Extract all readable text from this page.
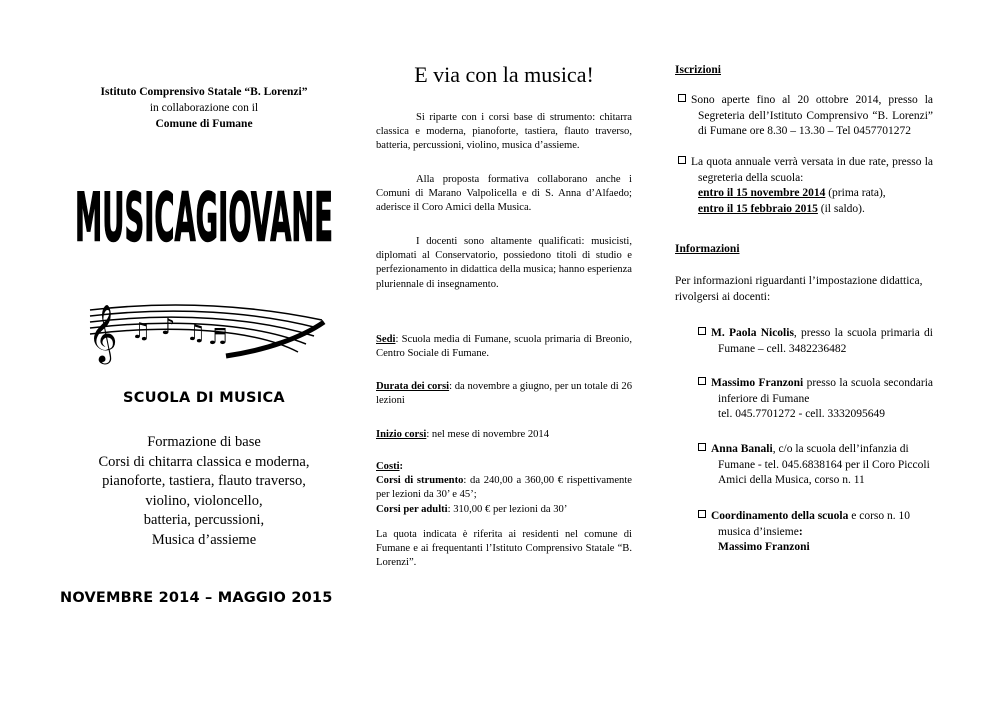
Istituto Comprensivo Statale “B. Lorenzi”
in collaborazione con il
Comune di Fumane
MUSICAGIOVANE
𝄞 ♫ ♪ ♫ ♬
SCUOLA DI MUSICA
Formazione di base
Corsi di chitarra classica e moderna,
pianoforte, tastiera, flauto traverso,
violino, violoncello,
batteria, percussioni,
Musica d’assieme
NOVEMBRE 2014 – MAGGIO 2015
E via con la musica!
Si riparte con i corsi base di strumento: chitarra classica e moderna, pianoforte, tastiera, flauto traverso, batteria, percussioni, violino, musica d’assieme.
Alla proposta formativa collaborano anche i Comuni di Marano Valpolicella e di S. Anna d’Alfaedo; aderisce il Coro Amici della Musica.
I docenti sono altamente qualificati: musicisti, diplomati al Conservatorio, possiedono titoli di studio e perfezionamento in didattica della musica; hanno esperienza pluriennale di insegnamento.
Sedi: Scuola media di Fumane, scuola primaria di Breonio, Centro Sociale di Fumane.
Durata dei corsi: da novembre a giugno, per un totale di 26 lezioni
Inizio corsi: nel mese di novembre 2014
Costi:
Corsi di strumento: da 240,00 a 360,00 € rispettivamente per lezioni da 30’ e 45’;
Corsi per adulti: 310,00 € per lezioni da 30’
La quota indicata è riferita ai residenti nel comune di Fumane e ai frequentanti l’Istituto Comprensivo Statale “B. Lorenzi”.
Iscrizioni
Sono aperte fino al 20 ottobre 2014, presso la Segreteria dell’Istituto Comprensivo “B. Lorenzi” di Fumane ore 8.30 – 13.30 – Tel 0457701272
La quota annuale verrà versata in due rate, presso la segreteria della scuola:
entro il 15 novembre 2014 (prima rata),
entro il 15 febbraio 2015 (il saldo).
Informazioni
Per informazioni riguardanti l’impostazione didattica, rivolgersi ai docenti:
M. Paola Nicolis, presso la scuola primaria di Fumane – cell. 3482236482
Massimo Franzoni presso la scuola secondaria inferiore di Fumane
tel. 045.7701272 - cell. 3332095649
Anna Banali, c/o la scuola dell’infanzia di Fumane - tel. 045.6838164 per il Coro Piccoli Amici della Musica, corso n. 11
Coordinamento della scuola e corso n. 10 musica d’insieme:
Massimo Franzoni
